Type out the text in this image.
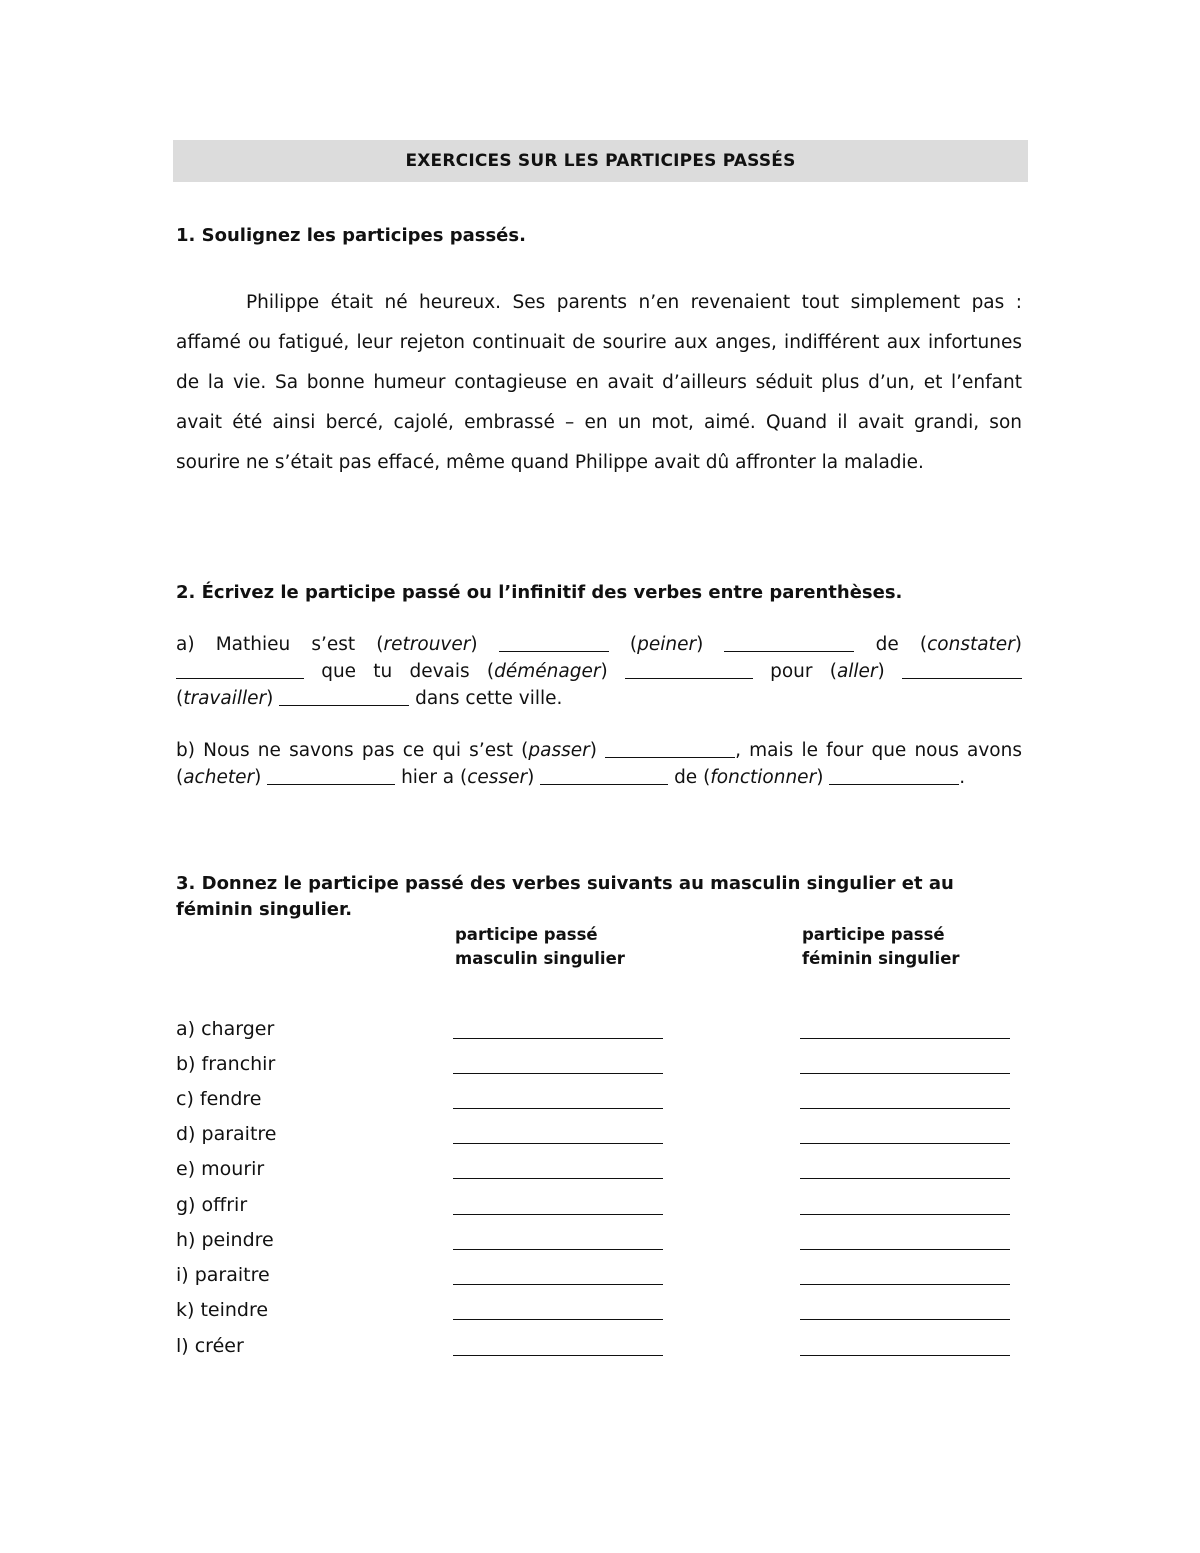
EXERCICES SUR LES PARTICIPES PASSÉS
1. Soulignez les participes passés.

Philippe était né heureux. Ses parents n’en revenaient tout simplement pas : affamé ou fatigué, leur rejeton continuait de sourire aux anges, indifférent aux infortunes de la vie. Sa bonne humeur contagieuse en avait d’ailleurs séduit plus d’un, et l’enfant avait été ainsi bercé, cajolé, embrassé – en un mot, aimé. Quand il avait grandi, son sourire ne s’était pas effacé, même quand Philippe avait dû affronter la maladie.

2. Écrivez le participe passé ou l’infinitif des verbes entre parenthèses.

a) Mathieu s’est (retrouver)	(peiner)	de (constater)  que tu devais (déménager)	pour (aller)  (travailler)	dans cette ville.

b) Nous ne savons pas ce qui s’est (passer)	, mais le four que nous avons (acheter)	hier a (cesser)	de (fonctionner)	.

3. Donnez le participe passé des verbes suivants au masculin singulier et au féminin singulier.
participe passé
masculin singulier
participe passé
féminin singulier
a) charger
b) franchir
c) fendre
d) paraitre
e) mourir
g) offrir
h) peindre
i) paraitre
k) teindre
l) créer
